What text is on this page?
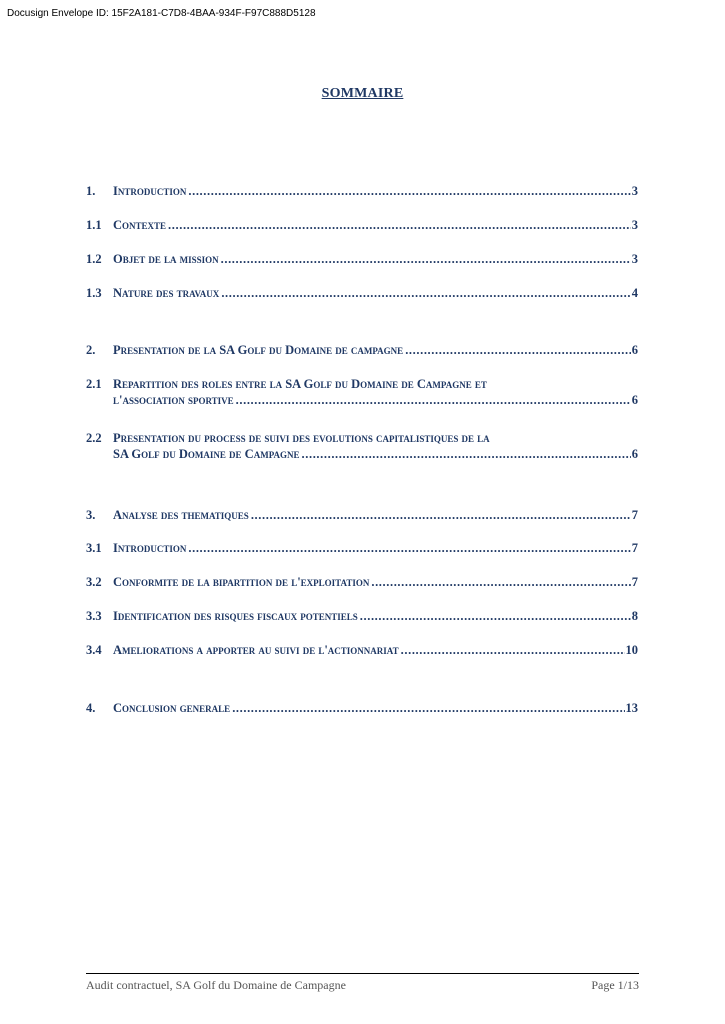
Docusign Envelope ID: 15F2A181-C7D8-4BAA-934F-F97C888D5128
SOMMAIRE
1.	Introduction .....	3
1.1 Contexte .....	3
1.2 Objet de la mission .....	3
1.3 Nature des travaux .....	4
2.	Presentation de la SA Golf du Domaine de campagne .....	6
2.1 Repartition des roles entre la SA Golf du Domaine de Campagne et
l'association sportive .....	6
2.2 Presentation du process de suivi des evolutions capitalistiques de la
SA Golf du Domaine de Campagne .....	6
3.	Analyse des thematiques .....	7
3.1 Introduction .....	7
3.2 Conformite de la bipartition de l'exploitation .....	7
3.3 Identification des risques fiscaux potentiels .....	8
3.4 Ameliorations a apporter au suivi de l'actionnariat .....	10
4.	Conclusion generale .....	13
Audit contractuel, SA Golf du Domaine de Campagne	Page 1/13
